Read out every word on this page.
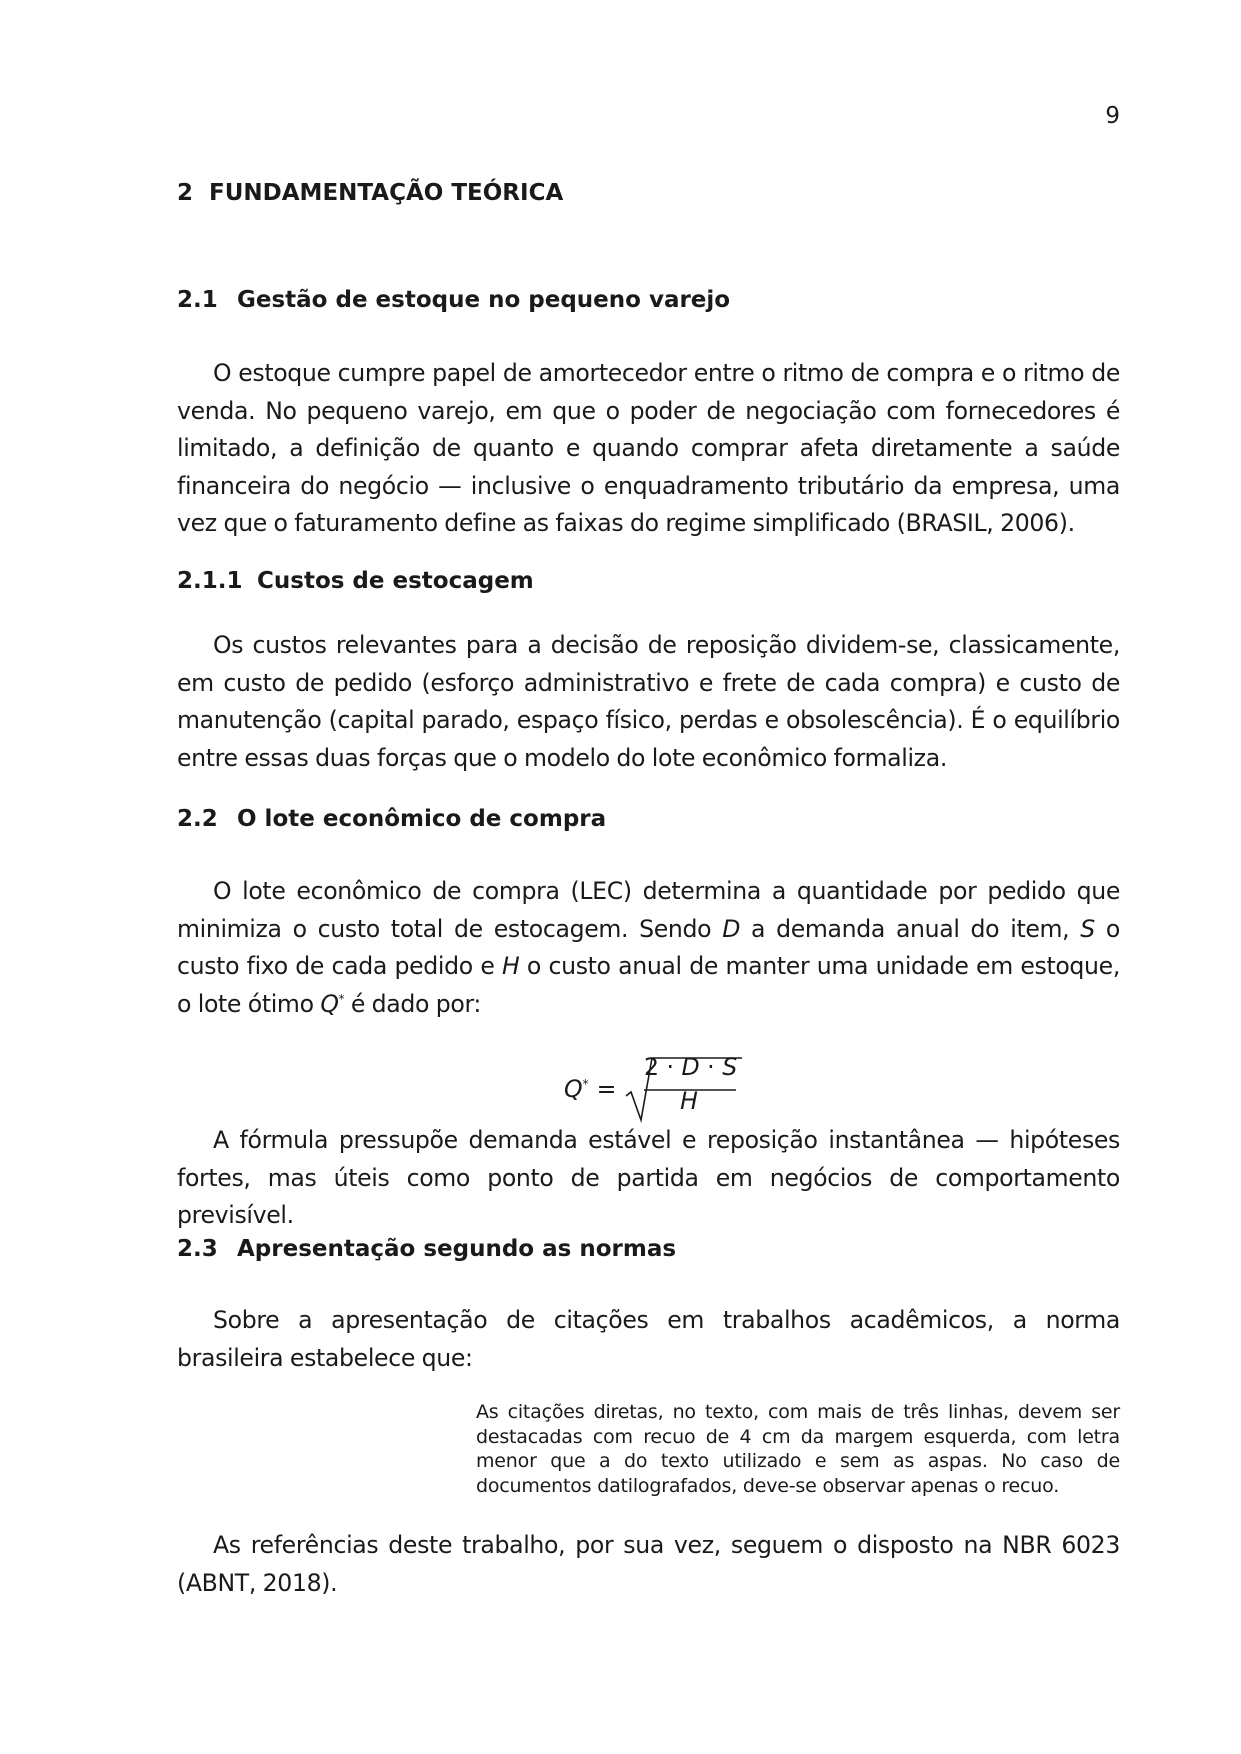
9
2 FUNDAMENTAÇÃO TEÓRICA
2.1 Gestão de estoque no pequeno varejo

O estoque cumpre papel de amortecedor entre o ritmo de compra e o ritmo de venda. No pequeno varejo, em que o poder de negociação com fornecedores é limitado, a definição de quanto e quando comprar afeta diretamente a saúde financeira do negócio — inclusive o enquadramento tributário da empresa, uma vez que o faturamento define as faixas do regime simplificado (BRASIL, 2006).

2.1.1 Custos de estocagem

Os custos relevantes para a decisão de reposição dividem-se, classicamente, em custo de pedido (esforço administrativo e frete de cada compra) e custo de manutenção (capital parado, espaço físico, perdas e obsolescência). É o equilíbrio entre essas duas forças que o modelo do lote econômico formaliza.

2.2 O lote econômico de compra

O lote econômico de compra (LEC) determina a quantidade por pedido que minimiza o custo total de estocagem. Sendo D a demanda anual do item, S o custo fixo de cada pedido e H o custo anual de manter uma unidade em estoque, o lote ótimo Q* é dado por:

Q* =
2 · D · S
H

A fórmula pressupõe demanda estável e reposição instantânea — hipóteses fortes, mas úteis como ponto de partida em negócios de comportamento previsível.

2.3 Apresentação segundo as normas

Sobre a apresentação de citações em trabalhos acadêmicos, a norma brasileira estabelece que:

As citações diretas, no texto, com mais de três linhas, devem ser destacadas com recuo de 4 cm da margem esquerda, com letra menor que a do texto utilizado e sem as aspas. No caso de documentos datilografados, deve-se observar apenas o recuo.

As referências deste trabalho, por sua vez, seguem o disposto na NBR 6023 (ABNT, 2018).
